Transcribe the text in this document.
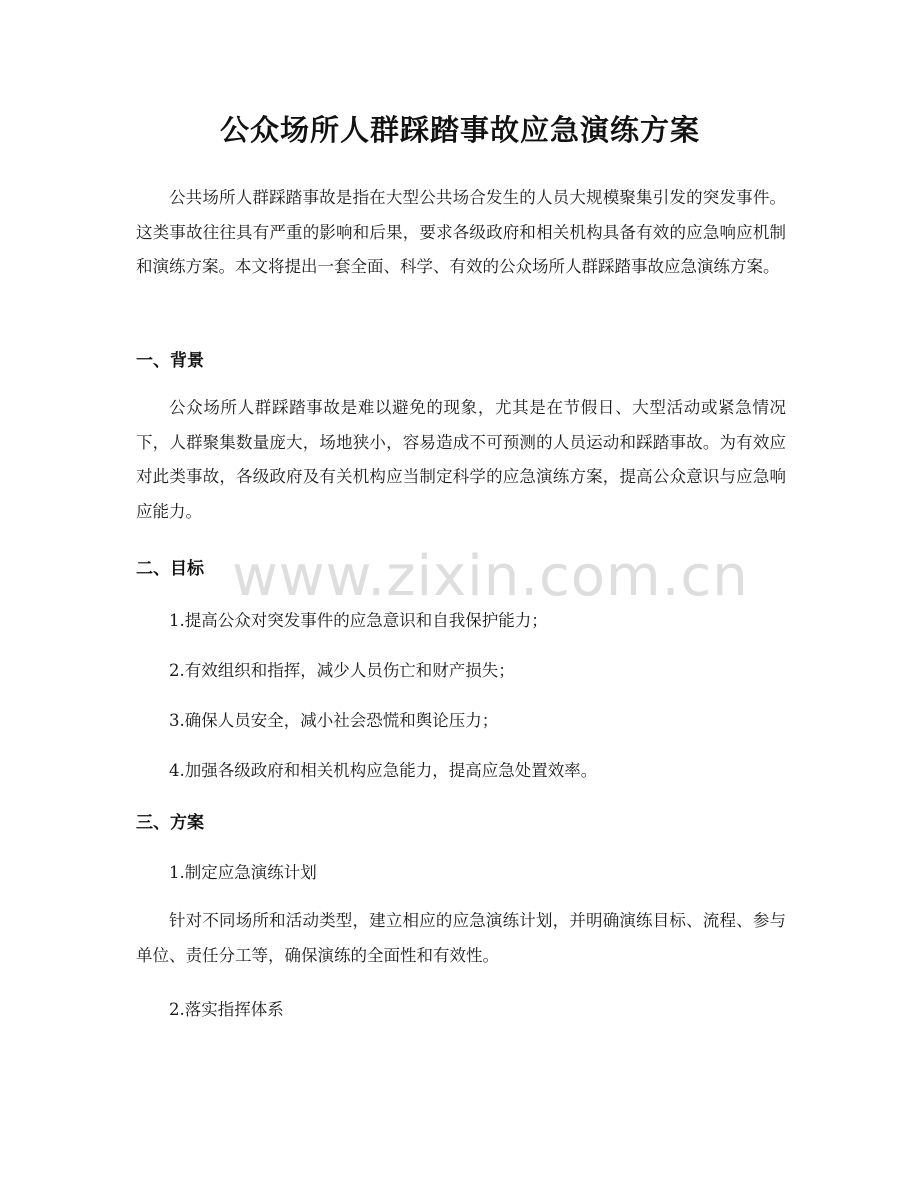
公众场所人群踩踏事故应急演练方案

公共场所人群踩踏事故是指在大型公共场合发生的人员大规模聚集引发的突发事件。这类事故往往具有严重的影响和后果，要求各级政府和相关机构具备有效的应急响应机制和演练方案。本文将提出一套全面、科学、有效的公众场所人群踩踏事故应急演练方案。

一、背景

公众场所人群踩踏事故是难以避免的现象，尤其是在节假日、大型活动或紧急情况下，人群聚集数量庞大，场地狭小，容易造成不可预测的人员运动和踩踏事故。为有效应对此类事故，各级政府及有关机构应当制定科学的应急演练方案，提高公众意识与应急响应能力。

二、目标

1.提高公众对突发事件的应急意识和自我保护能力；

2.有效组织和指挥，减少人员伤亡和财产损失；

3.确保人员安全，减小社会恐慌和舆论压力；

4.加强各级政府和相关机构应急能力，提高应急处置效率。

三、方案

1.制定应急演练计划

针对不同场所和活动类型，建立相应的应急演练计划，并明确演练目标、流程、参与单位、责任分工等，确保演练的全面性和有效性。

2.落实指挥体系

www.zixin.com.cn
